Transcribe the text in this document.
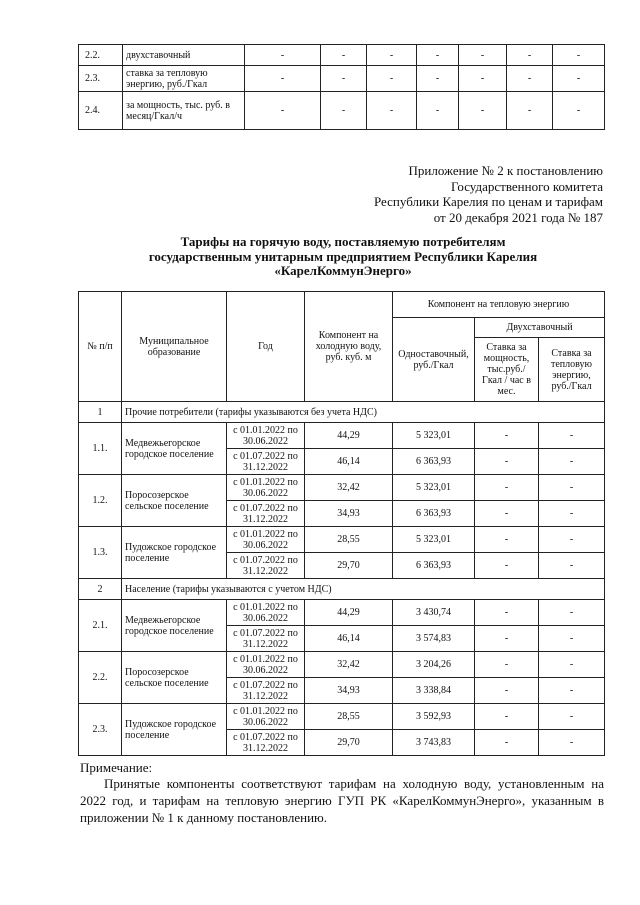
2.2.	двухставочный	-	-	-	-	-	-	-
2.3.	ставка за тепловую энергию, руб./Гкал	-	-	-	-	-	-	-
2.4.	за мощность, тыс. руб. в месяц/Гкал/ч	-	-	-	-	-	-	-
Приложение № 2 к постановлению
Государственного комитета
Республики Карелия по ценам и тарифам
от 20 декабря 2021 года № 187
Тарифы на горячую воду, поставляемую потребителям
государственным унитарным предприятием Республики Карелия
«КарелКоммунЭнерго»
№ п/п	Муниципальное образование	Год	Компонент на холодную воду, руб. куб. м	Компонент на тепловую энергию		
				Одноставочный, руб./Гкал	Двухставочный	
					Ставка за мощность, тыс.руб./ Гкал / час в мес.	Ставка за тепловую энергию, руб./Гкал
1	Прочие потребители (тарифы указываются без учета НДС)					
1.1.	Медвежьегорское городское поселение	с 01.01.2022 по 30.06.2022	44,29	5 323,01	-	-
		с 01.07.2022 по 31.12.2022	46,14	6 363,93	-	-
1.2.	Поросозерское сельское поселение	с 01.01.2022 по 30.06.2022	32,42	5 323,01	-	-
		с 01.07.2022 по 31.12.2022	34,93	6 363,93	-	-
1.3.	Пудожское городское поселение	с 01.01.2022 по 30.06.2022	28,55	5 323,01	-	-
		с 01.07.2022 по 31.12.2022	29,70	6 363,93	-	-
2	Население (тарифы указываются с учетом НДС)					
2.1.	Медвежьегорское городское поселение	с 01.01.2022 по 30.06.2022	44,29	3 430,74	-	-
		с 01.07.2022 по 31.12.2022	46,14	3 574,83	-	-
2.2.	Поросозерское сельское поселение	с 01.01.2022 по 30.06.2022	32,42	3 204,26	-	-
		с 01.07.2022 по 31.12.2022	34,93	3 338,84	-	-
2.3.	Пудожское городское поселение	с 01.01.2022 по 30.06.2022	28,55	3 592,93	-	-
		с 01.07.2022 по 31.12.2022	29,70	3 743,83	-	-
Примечание:
Принятые компоненты соответствуют тарифам на холодную воду, установленным на 2022 год, и тарифам на тепловую энергию ГУП РК «КарелКоммунЭнерго», указанным в приложении № 1 к данному постановлению.
